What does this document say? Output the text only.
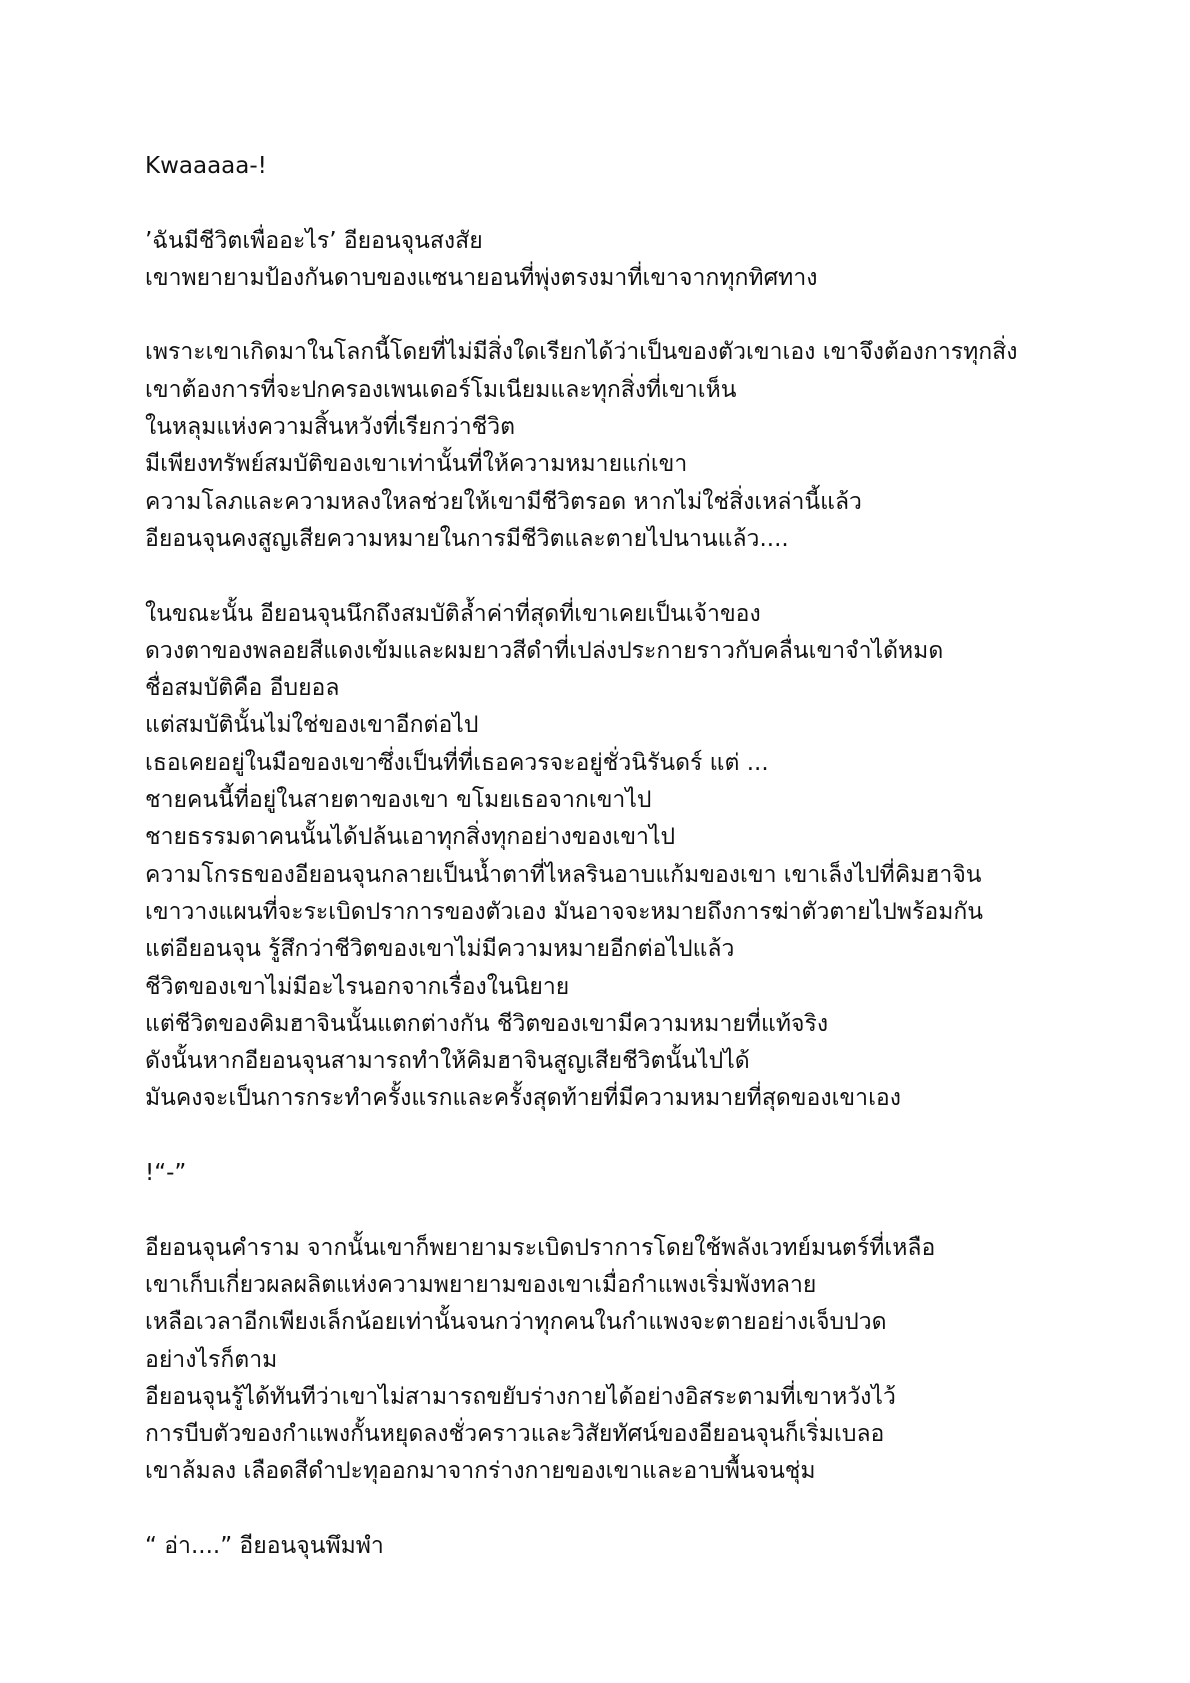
Kwaaaaa-!
’ฉันมีชีวิตเพื่ออะไร’ อียอนจุนสงสัย
เขาพยายามป้องกันดาบของแซนายอนที่พุ่งตรงมาที่เขาจากทุกทิศทาง
เพราะเขาเกิดมาในโลกนี้โดยที่ไม่มีสิ่งใดเรียกได้ว่าเป็นของตัวเขาเอง เขาจึงต้องการทุกสิ่ง
เขาต้องการที่จะปกครองเพนเดอร์โมเนียมและทุกสิ่งที่เขาเห็น
ในหลุมแห่งความสิ้นหวังที่เรียกว่าชีวิต
มีเพียงทรัพย์สมบัติของเขาเท่านั้นที่ให้ความหมายแก่เขา
ความโลภและความหลงใหลช่วยให้เขามีชีวิตรอด หากไม่ใช่สิ่งเหล่านี้แล้ว
อียอนจุนคงสูญเสียความหมายในการมีชีวิตและตายไปนานแล้ว....
ในขณะนั้น อียอนจุนนึกถึงสมบัติล้ำค่าที่สุดที่เขาเคยเป็นเจ้าของ
ดวงตาของพลอยสีแดงเข้มและผมยาวสีดำที่เปล่งประกายราวกับคลื่นเขาจำได้หมด
ชื่อสมบัติคือ อีบยอล
แต่สมบัตินั้นไม่ใช่ของเขาอีกต่อไป
เธอเคยอยู่ในมือของเขาซึ่งเป็นที่ที่เธอควรจะอยู่ชั่วนิรันดร์ แต่ ...
ชายคนนี้ที่อยู่ในสายตาของเขา ขโมยเธอจากเขาไป
ชายธรรมดาคนนั้นได้ปล้นเอาทุกสิ่งทุกอย่างของเขาไป
ความโกรธของอียอนจุนกลายเป็นน้ำตาที่ไหลรินอาบแก้มของเขา เขาเล็งไปที่คิมฮาจิน
เขาวางแผนที่จะระเบิดปราการของตัวเอง มันอาจจะหมายถึงการฆ่าตัวตายไปพร้อมกัน
แต่อียอนจุน รู้สึกว่าชีวิตของเขาไม่มีความหมายอีกต่อไปแล้ว
ชีวิตของเขาไม่มีอะไรนอกจากเรื่องในนิยาย
แต่ชีวิตของคิมฮาจินนั้นแตกต่างกัน ชีวิตของเขามีความหมายที่แท้จริง
ดังนั้นหากอียอนจุนสามารถทำให้คิมฮาจินสูญเสียชีวิตนั้นไปได้
มันคงจะเป็นการกระทำครั้งแรกและครั้งสุดท้ายที่มีความหมายที่สุดของเขาเอง
!“-”
อียอนจุนคำราม จากนั้นเขาก็พยายามระเบิดปราการโดยใช้พลังเวทย์มนตร์ที่เหลือ
เขาเก็บเกี่ยวผลผลิตแห่งความพยายามของเขาเมื่อกำแพงเริ่มพังทลาย
เหลือเวลาอีกเพียงเล็กน้อยเท่านั้นจนกว่าทุกคนในกำแพงจะตายอย่างเจ็บปวด
อย่างไรก็ตาม
อียอนจุนรู้ได้ทันทีว่าเขาไม่สามารถขยับร่างกายได้อย่างอิสระตามที่เขาหวังไว้
การบีบตัวของกำแพงกั้นหยุดลงชั่วคราวและวิสัยทัศน์ของอียอนจุนก็เริ่มเบลอ
เขาล้มลง เลือดสีดำปะทุออกมาจากร่างกายของเขาและอาบพื้นจนชุ่ม
“ อ่า....” อียอนจุนพึมพำ
